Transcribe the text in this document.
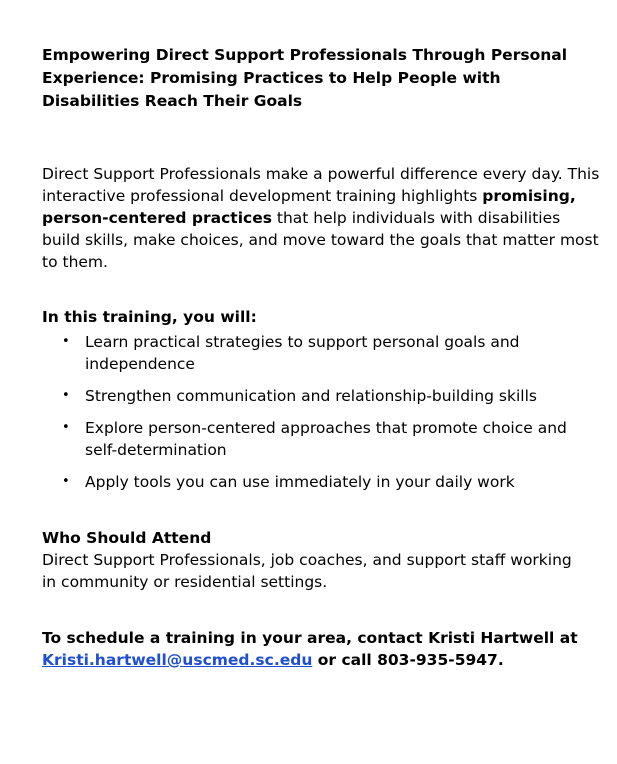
Empowering Direct Support Professionals Through Personal Experience: Promising Practices to Help People with Disabilities Reach Their Goals

Direct Support Professionals make a powerful difference every day. This interactive professional development training highlights promising, person-centered practices that help individuals with disabilities build skills, make choices, and move toward the goals that matter most to them.

In this training, you will:

• Learn practical strategies to support personal goals and independence
• Strengthen communication and relationship-building skills
• Explore person-centered approaches that promote choice and self-determination
• Apply tools you can use immediately in your daily work

Who Should Attend

Direct Support Professionals, job coaches, and support staff working in community or residential settings.

To schedule a training in your area, contact Kristi Hartwell at Kristi.hartwell@uscmed.sc.edu or call 803-935-5947.
